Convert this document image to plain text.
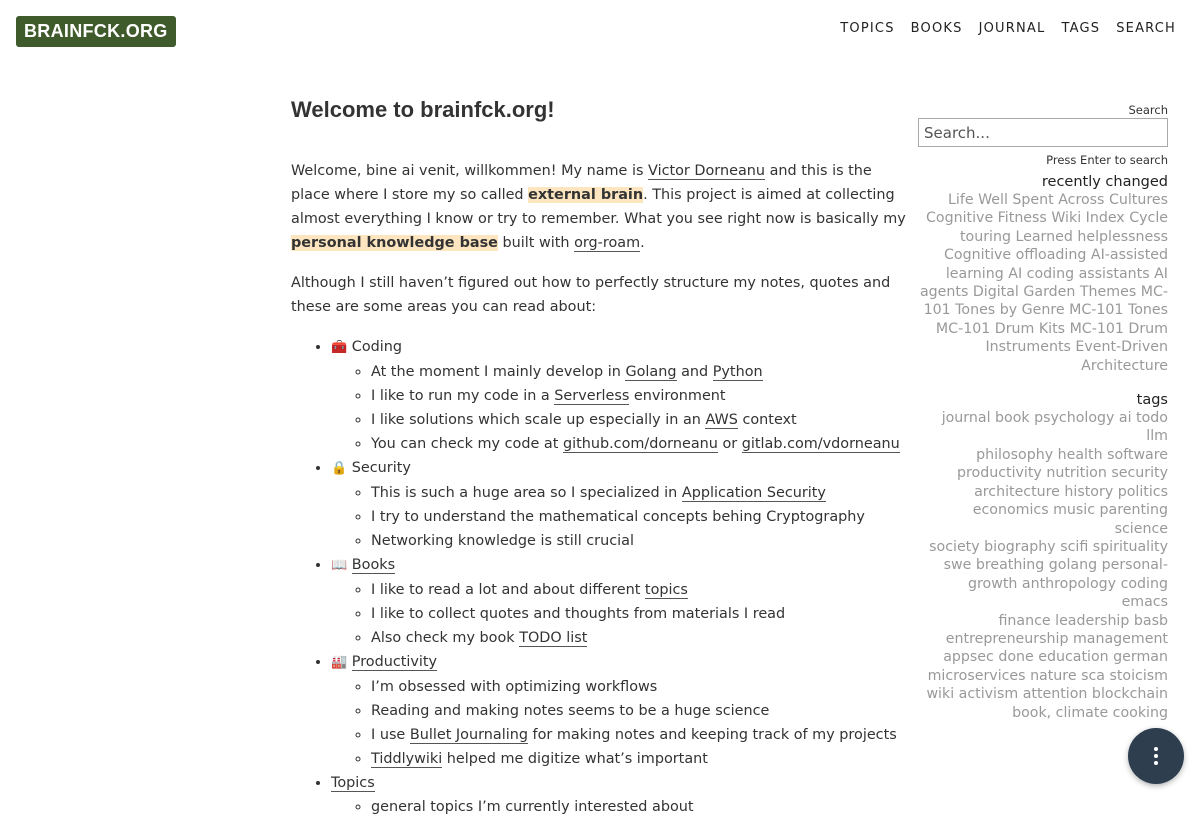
BRAINFCK.ORG	TOPICS	BOOKS	JOURNAL	TAGS	SEARCH
Welcome to brainfck.org!

Welcome, bine ai venit, willkommen! My name is Victor Dorneanu and this is the place where I store my so called external brain. This project is aimed at collecting almost everything I know or try to remember. What you see right now is basically my personal knowledge base built with org-roam.

Although I still haven’t figured out how to perfectly structure my notes, quotes and these are some areas you can read about:

• 🧰 Coding
◦ At the moment I mainly develop in Golang and Python
◦ I like to run my code in a Serverless environment
◦ I like solutions which scale up especially in an AWS context
◦ You can check my code at github.com/dorneanu or gitlab.com/vdorneanu
• 🔒 Security
◦ This is such a huge area so I specialized in Application Security
◦ I try to understand the mathematical concepts behing Cryptography
◦ Networking knowledge is still crucial
• 📖 Books
◦ I like to read a lot and about different topics
◦ I like to collect quotes and thoughts from materials I read
◦ Also check my book TODO list
• 🏭 Productivity
◦ I’m obsessed with optimizing workflows
◦ Reading and making notes seems to be a huge science
◦ I use Bullet Journaling for making notes and keeping track of my projects
◦ Tiddlywiki helped me digitize what’s important
• Topics
◦ general topics I’m currently interested about
Search
Search...
Press Enter to search
recently changed
Life Well Spent Across Cultures
Cognitive Fitness Wiki Index Cycle
touring Learned helplessness
Cognitive offloading AI-assisted
learning AI coding assistants AI
agents Digital Garden Themes MC-
101 Tones by Genre MC-101 Tones
MC-101 Drum Kits MC-101 Drum
Instruments Event-Driven
Architecture
tags
journal book psychology ai todo llm
philosophy health software
productivity nutrition security
architecture history politics
economics music parenting science
society biography scifi spirituality
swe breathing golang personal-
growth anthropology coding emacs
finance leadership basb
entrepreneurship management
appsec done education german
microservices nature sca stoicism
wiki activism attention blockchain
book, climate cooking
